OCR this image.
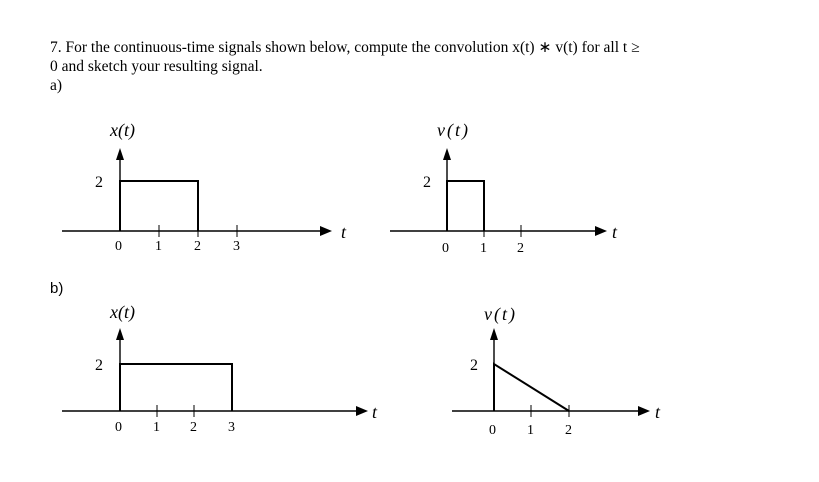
7. For the continuous-time signals shown below, compute the convolution x(t) ∗ v(t) for all t ≥
0 and sketch your resulting signal.
a)
b)
x(t)
2
0 1 2 3
t
v(t)
2
0 1 2
t
x(t)
2
0 1 2 3
t
v(t)
2
0 1 2
t
